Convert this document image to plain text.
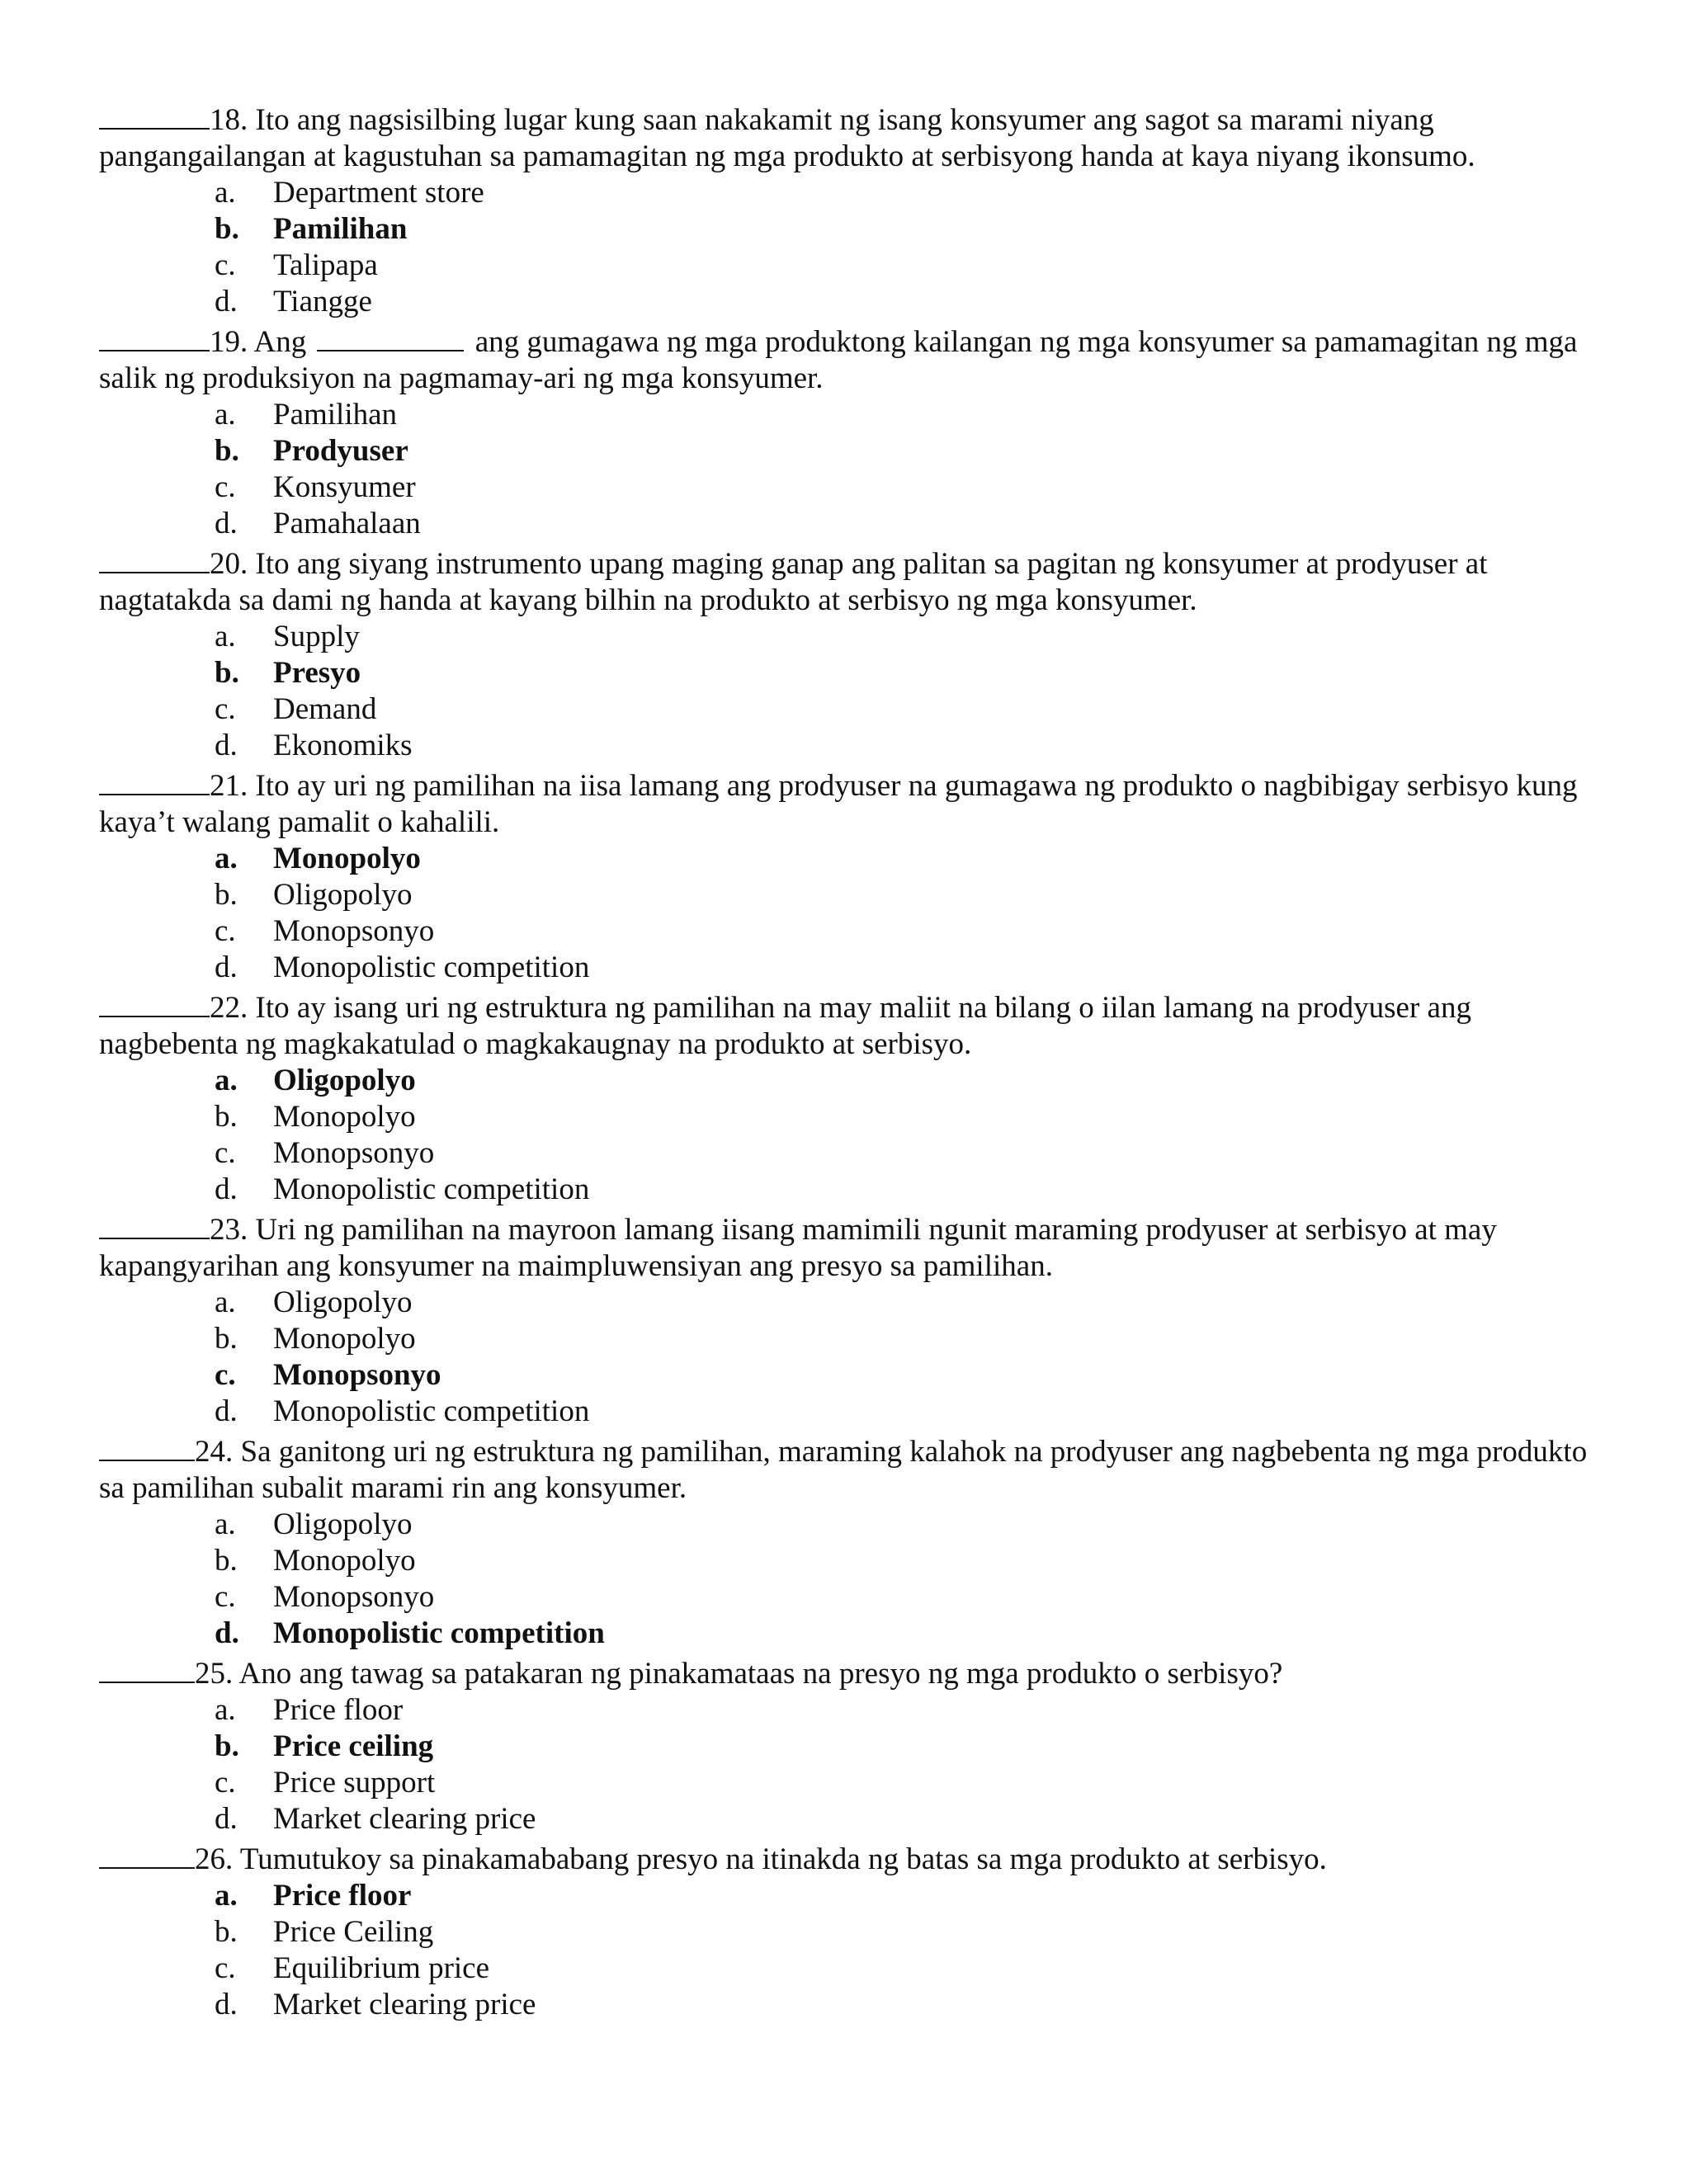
18. Ito ang nagsisilbing lugar kung saan nakakamit ng isang konsyumer ang sagot sa marami niyang pangangailangan at kagustuhan sa pamamagitan ng mga produkto at serbisyong handa at kaya niyang ikonsumo.
a.	Department store
b.	Pamilihan
c.	Talipapa
d.	Tiangge
19. Ang	ang gumagawa ng mga produktong kailangan ng mga konsyumer sa pamamagitan ng mga salik ng produksiyon na pagmamay-ari ng mga konsyumer.
a.	Pamilihan
b.	Prodyuser
c.	Konsyumer
d.	Pamahalaan
20. Ito ang siyang instrumento upang maging ganap ang palitan sa pagitan ng konsyumer at prodyuser at nagtatakda sa dami ng handa at kayang bilhin na produkto at serbisyo ng mga konsyumer.
a.	Supply
b.	Presyo
c.	Demand
d.	Ekonomiks
21. Ito ay uri ng pamilihan na iisa lamang ang prodyuser na gumagawa ng produkto o nagbibigay serbisyo kung kaya’t walang pamalit o kahalili.
a.	Monopolyo
b.	Oligopolyo
c.	Monopsonyo
d.	Monopolistic competition
22. Ito ay isang uri ng estruktura ng pamilihan na may maliit na bilang o iilan lamang na prodyuser ang nagbebenta ng magkakatulad o magkakaugnay na produkto at serbisyo.
a.	Oligopolyo
b.	Monopolyo
c.	Monopsonyo
d.	Monopolistic competition
23. Uri ng pamilihan na mayroon lamang iisang mamimili ngunit maraming prodyuser at serbisyo at may kapangyarihan ang konsyumer na maimpluwensiyan ang presyo sa pamilihan.
a.	Oligopolyo
b.	Monopolyo
c.	Monopsonyo
d.	Monopolistic competition
24. Sa ganitong uri ng estruktura ng pamilihan, maraming kalahok na prodyuser ang nagbebenta ng mga produkto sa pamilihan subalit marami rin ang konsyumer.
a.	Oligopolyo
b.	Monopolyo
c.	Monopsonyo
d.	Monopolistic competition
25. Ano ang tawag sa patakaran ng pinakamataas na presyo ng mga produkto o serbisyo?
a.	Price floor
b.	Price ceiling
c.	Price support
d.	Market clearing price
26. Tumutukoy sa pinakamababang presyo na itinakda ng batas sa mga produkto at serbisyo.
a.	Price floor
b.	Price Ceiling
c.	Equilibrium price
d.	Market clearing price
